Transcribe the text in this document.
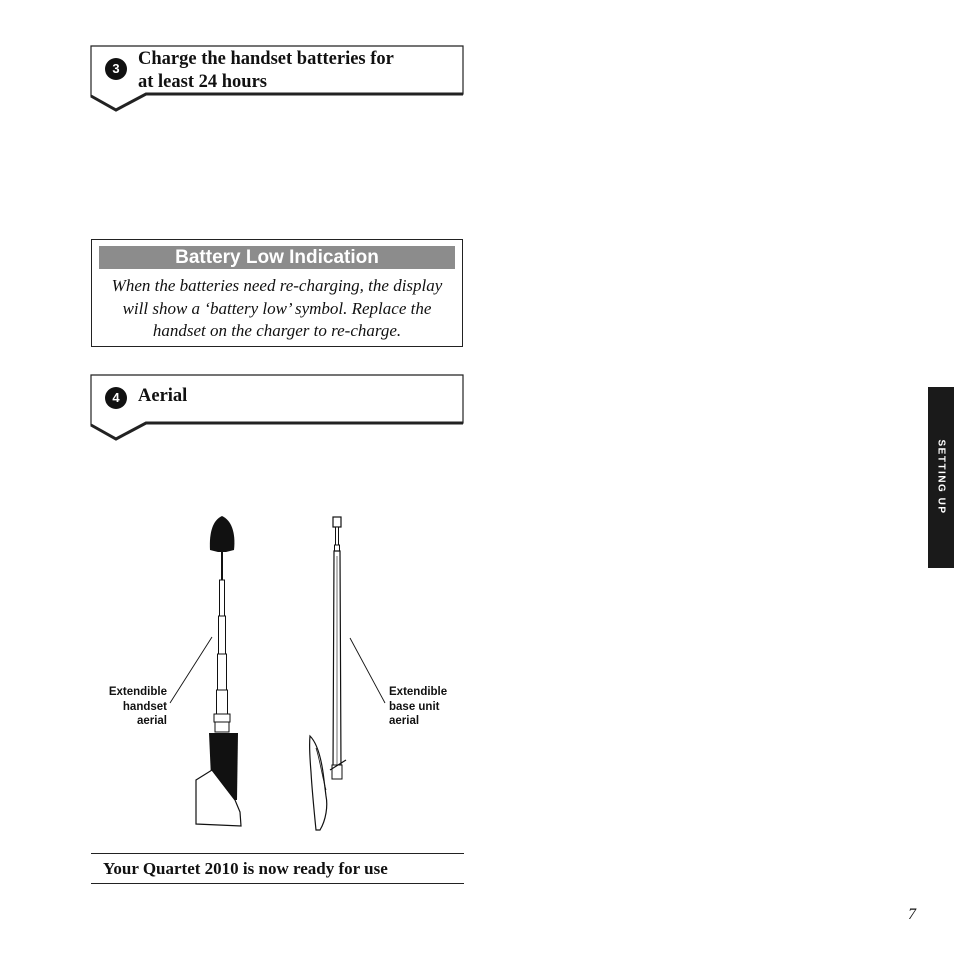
3 Charge the handset batteries for
at least 24 hours
Battery Low Indication
When the batteries need re-charging, the display
will show a ‘battery low’ symbol. Replace the
handset on the charger to re-charge.
4 Aerial
Extendible
handset
aerial
Extendible
base unit
aerial
Your Quartet 2010 is now ready for use
SETTING UP
7
